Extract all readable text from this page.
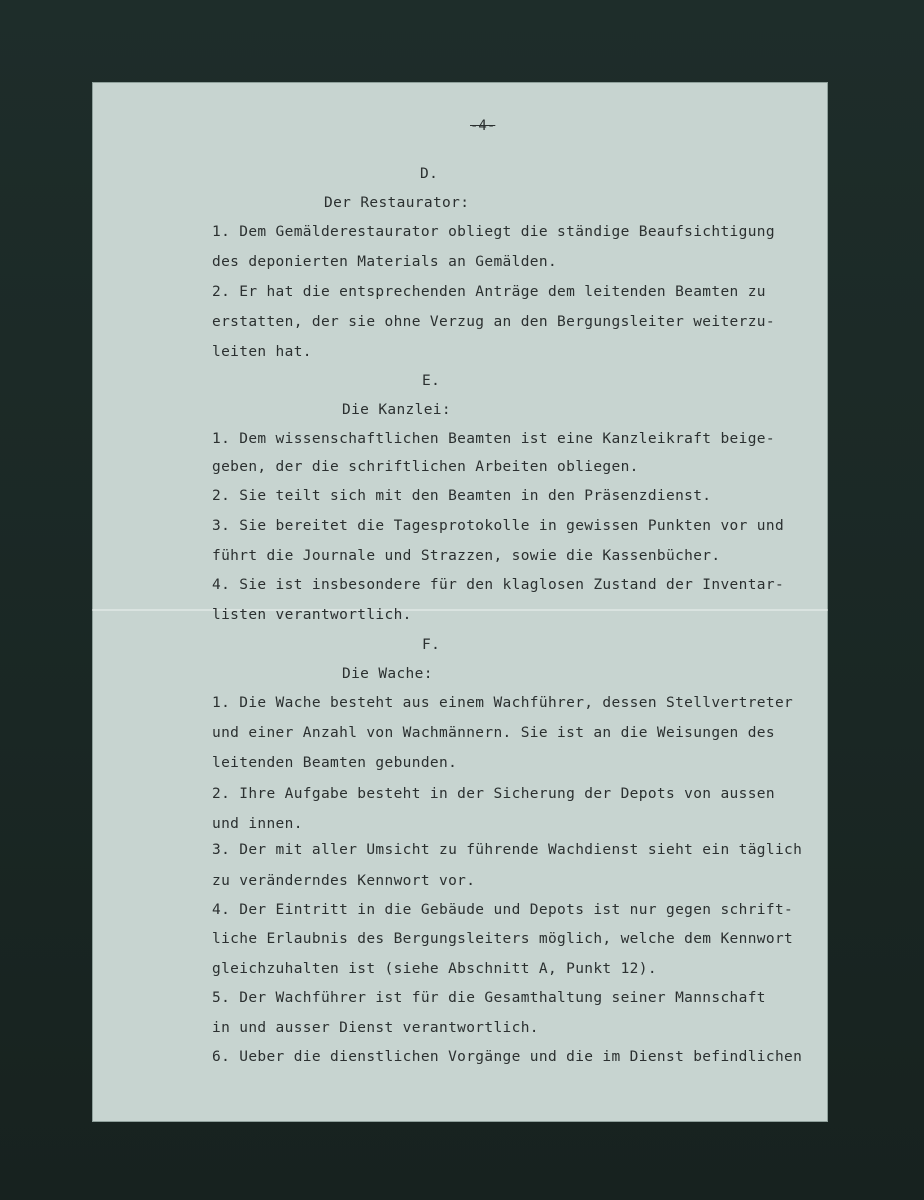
-4-
D.
Der Restaurator:
1. Dem Gemälderestaurator obliegt die ständige Beaufsichtigung
des deponierten Materials an Gemälden.
2. Er hat die entsprechenden Anträge dem leitenden Beamten zu
erstatten, der sie ohne Verzug an den Bergungsleiter weiterzu-
leiten hat.
E.
Die Kanzlei:
1. Dem wissenschaftlichen Beamten ist eine Kanzleikraft beige-
geben, der die schriftlichen Arbeiten obliegen.
2. Sie teilt sich mit den Beamten in den Präsenzdienst.
3. Sie bereitet die Tagesprotokolle in gewissen Punkten vor und
führt die Journale und Strazzen, sowie die Kassenbücher.
4. Sie ist insbesondere für den klaglosen Zustand der Inventar-
listen verantwortlich.
F.
Die Wache:
1. Die Wache besteht aus einem Wachführer, dessen Stellvertreter
und einer Anzahl von Wachmännern. Sie ist an die Weisungen des
leitenden Beamten gebunden.
2. Ihre Aufgabe besteht in der Sicherung der Depots von aussen
und innen.
3. Der mit aller Umsicht zu führende Wachdienst sieht ein täglich
zu veränderndes Kennwort vor.
4. Der Eintritt in die Gebäude und Depots ist nur gegen schrift-
liche Erlaubnis des Bergungsleiters möglich, welche dem Kennwort
gleichzuhalten ist (siehe Abschnitt A, Punkt 12).
5. Der Wachführer ist für die Gesamthaltung seiner Mannschaft
in und ausser Dienst verantwortlich.
6. Ueber die dienstlichen Vorgänge und die im Dienst befindlichen
